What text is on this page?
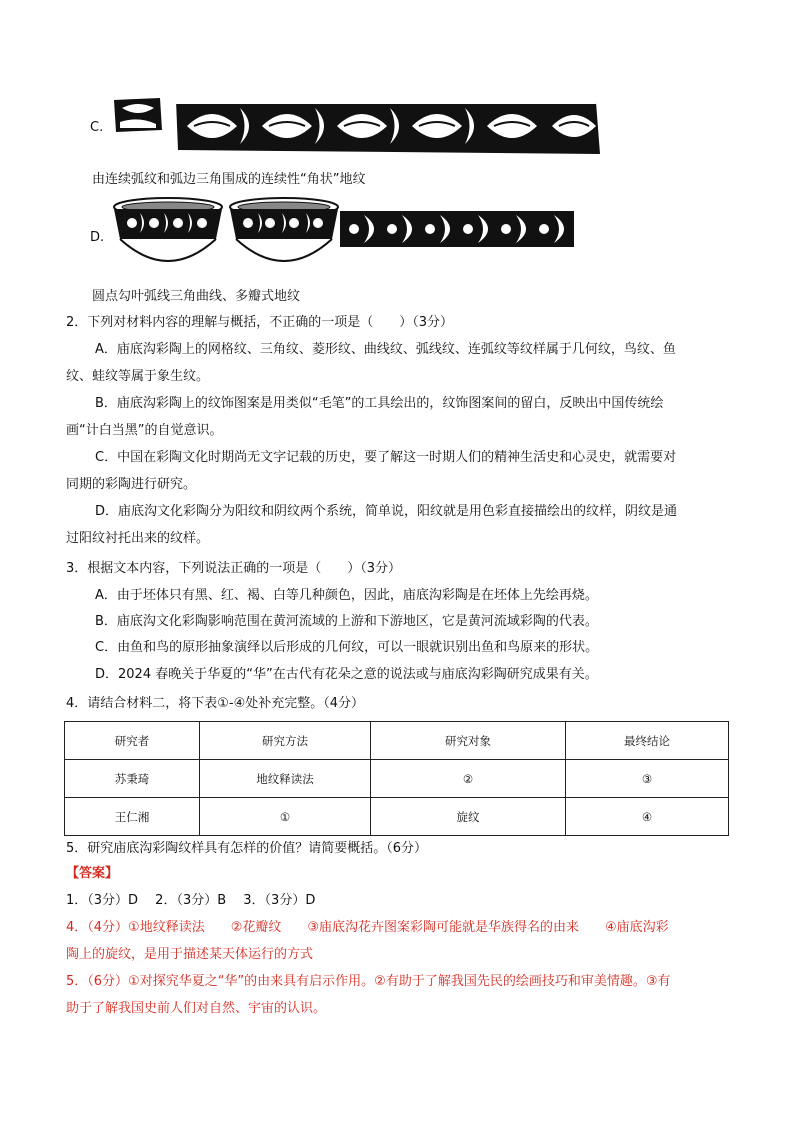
C.
由连续弧纹和弧边三角围成的连续性“角状”地纹
D.
圆点勾叶弧线三角曲线、多瓣式地纹
2．下列对材料内容的理解与概括，不正确的一项是（　　）（3分）
A．庙底沟彩陶上的网格纹、三角纹、菱形纹、曲线纹、弧线纹、连弧纹等纹样属于几何纹，鸟纹、鱼
纹、蛙纹等属于象生纹。
B．庙底沟彩陶上的纹饰图案是用类似“毛笔”的工具绘出的，纹饰图案间的留白，反映出中国传统绘
画“计白当黑”的自觉意识。
C．中国在彩陶文化时期尚无文字记载的历史，要了解这一时期人们的精神生活史和心灵史，就需要对
同期的彩陶进行研究。
D．庙底沟文化彩陶分为阳纹和阴纹两个系统，简单说，阳纹就是用色彩直接描绘出的纹样，阴纹是通
过阳纹衬托出来的纹样。
3．根据文本内容，下列说法正确的一项是（　　）（3分）
A．由于坯体只有黑、红、褐、白等几种颜色，因此，庙底沟彩陶是在坯体上先绘再烧。
B．庙底沟文化彩陶影响范围在黄河流域的上游和下游地区，它是黄河流域彩陶的代表。
C．由鱼和鸟的原形抽象演绎以后形成的几何纹，可以一眼就识别出鱼和鸟原来的形状。
D．2024 春晚关于华夏的“华”在古代有花朵之意的说法或与庙底沟彩陶研究成果有关。
4．请结合材料二，将下表①-④处补充完整。（4分）
研究者	研究方法	研究对象	最终结论
苏秉琦	地纹释读法	②	③
王仁湘	①	旋纹	④
5．研究庙底沟彩陶纹样具有怎样的价值？请简要概括。（6分）
【答案】
1．（3分）D　 2．（3分）B　 3．（3分）D
4．（4分）①地纹释读法　　②花瓣纹　　③庙底沟花卉图案彩陶可能就是华族得名的由来　　④庙底沟彩
陶上的旋纹，是用于描述某天体运行的方式
5．（6分）①对探究华夏之“华”的由来具有启示作用。②有助于了解我国先民的绘画技巧和审美情趣。③有
助于了解我国史前人们对自然、宇宙的认识。
